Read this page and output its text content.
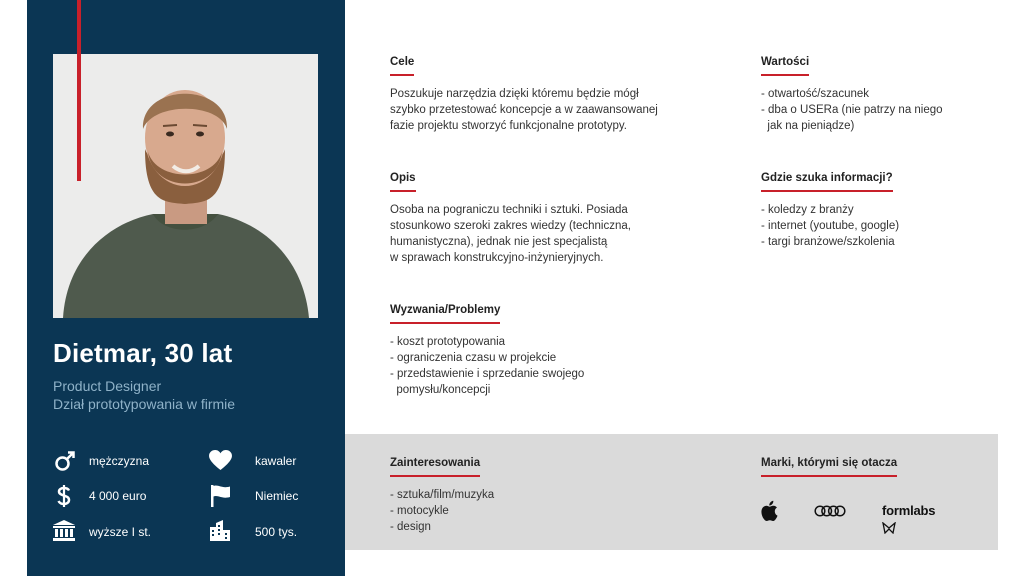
Dietmar, 30 lat
Product Designer
Dział prototypowania w firmie
mężczyzna	kawaler
4 000 euro	Niemiec
wyższe I st.	500 tys.
Cele
Poszukuje narzędzia dzięki któremu będzie mógł
szybko przetestować koncepcje a w zaawansowanej
fazie projektu stworzyć funkcjonalne prototypy.
Wartości
- otwartość/szacunek
- dba o USERa (nie patrzy na niego
jak na pieniądze)
Opis
Osoba na pograniczu techniki i sztuki. Posiada
stosunkowo szeroki zakres wiedzy (techniczna,
humanistyczna), jednak nie jest specjalistą
w sprawach konstrukcyjno-inżynieryjnych.
Gdzie szuka informacji?
- koledzy z branży
- internet (youtube, google)
- targi branżowe/szkolenia
Wyzwania/Problemy
- koszt prototypowania
- ograniczenia czasu w projekcie
- przedstawienie i sprzedanie swojego
pomysłu/koncepcji
Zainteresowania
- sztuka/film/muzyka
- motocykle
- design
Marki, którymi się otacza
formlabs
